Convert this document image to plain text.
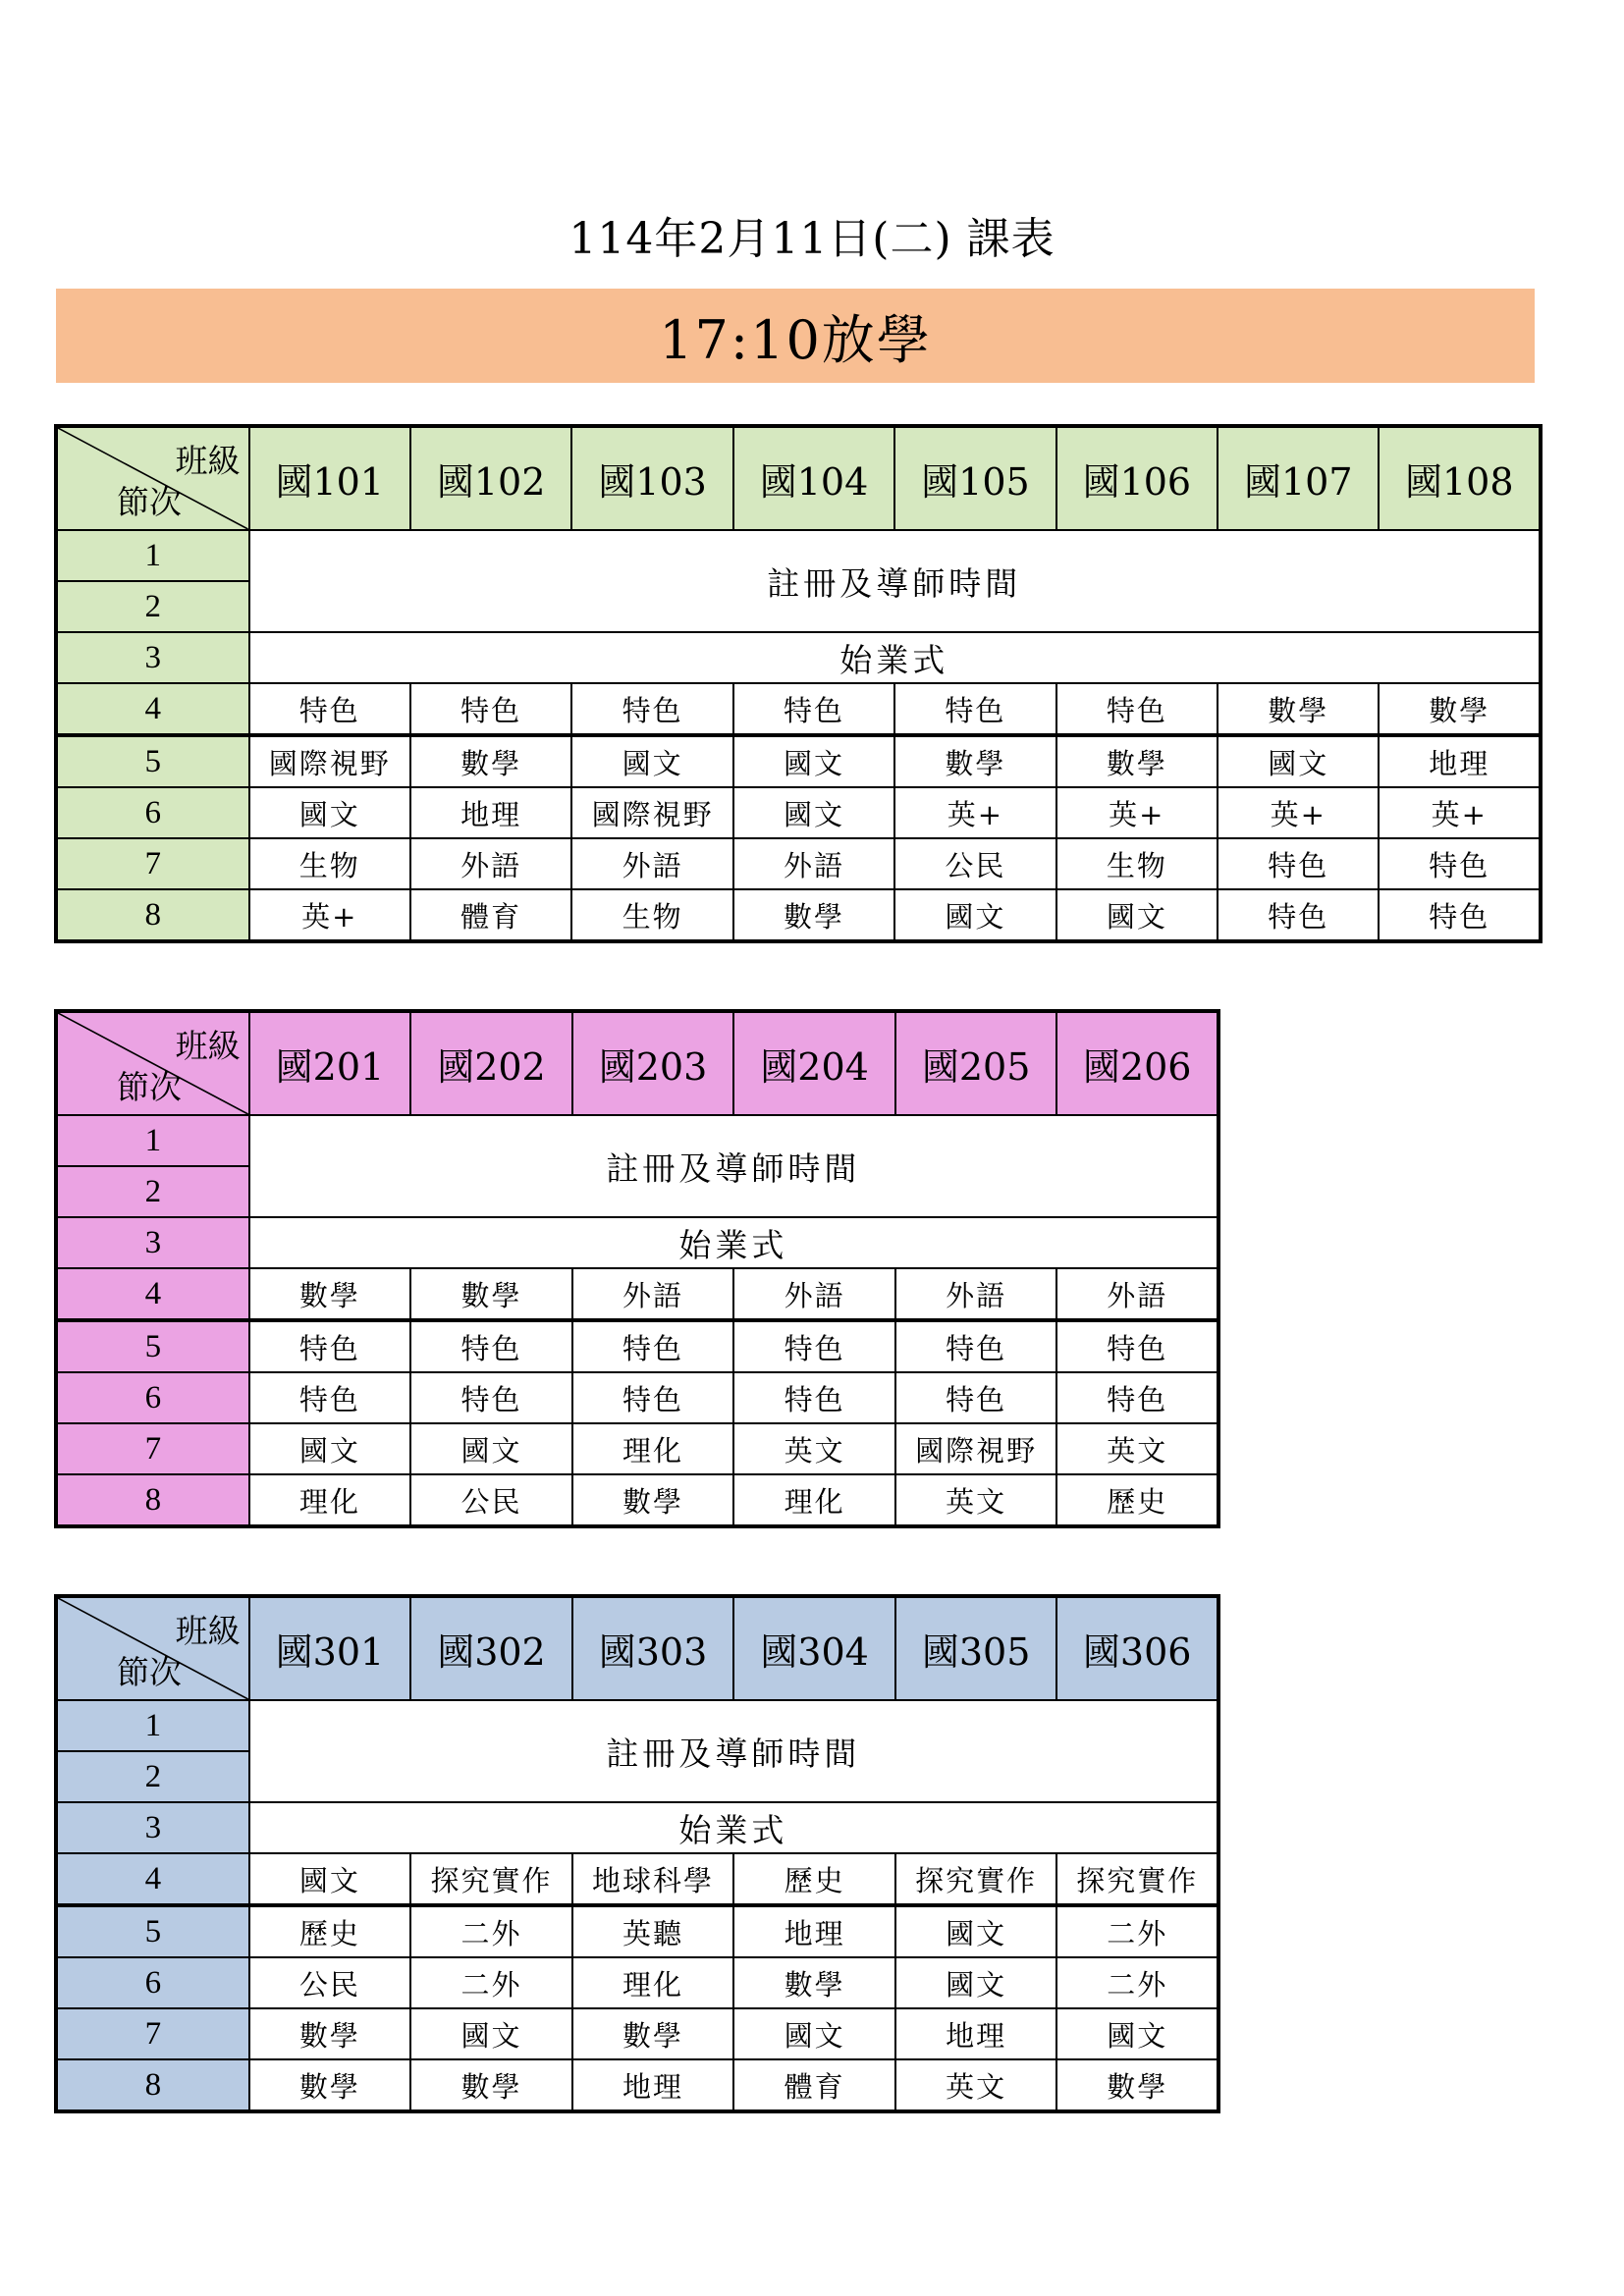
114年2月11日(二) 課表
17:10放學
班級
節次	國101	國102	國103	國104	國105	國106	國107	國108
1	註冊及導師時間							
2								
3	始業式							
4	特色	特色	特色	特色	特色	特色	數學	數學
5	國際視野	數學	國文	國文	數學	數學	國文	地理
6	國文	地理	國際視野	國文	英+	英+	英+	英+
7	生物	外語	外語	外語	公民	生物	特色	特色
8	英+	體育	生物	數學	國文	國文	特色	特色
班級
節次	國201	國202	國203	國204	國205	國206
1	註冊及導師時間					
2						
3	始業式					
4	數學	數學	外語	外語	外語	外語
5	特色	特色	特色	特色	特色	特色
6	特色	特色	特色	特色	特色	特色
7	國文	國文	理化	英文	國際視野	英文
8	理化	公民	數學	理化	英文	歷史
班級
節次	國301	國302	國303	國304	國305	國306
1	註冊及導師時間					
2						
3	始業式					
4	國文	探究實作	地球科學	歷史	探究實作	探究實作
5	歷史	二外	英聽	地理	國文	二外
6	公民	二外	理化	數學	國文	二外
7	數學	國文	數學	國文	地理	國文
8	數學	數學	地理	體育	英文	數學
